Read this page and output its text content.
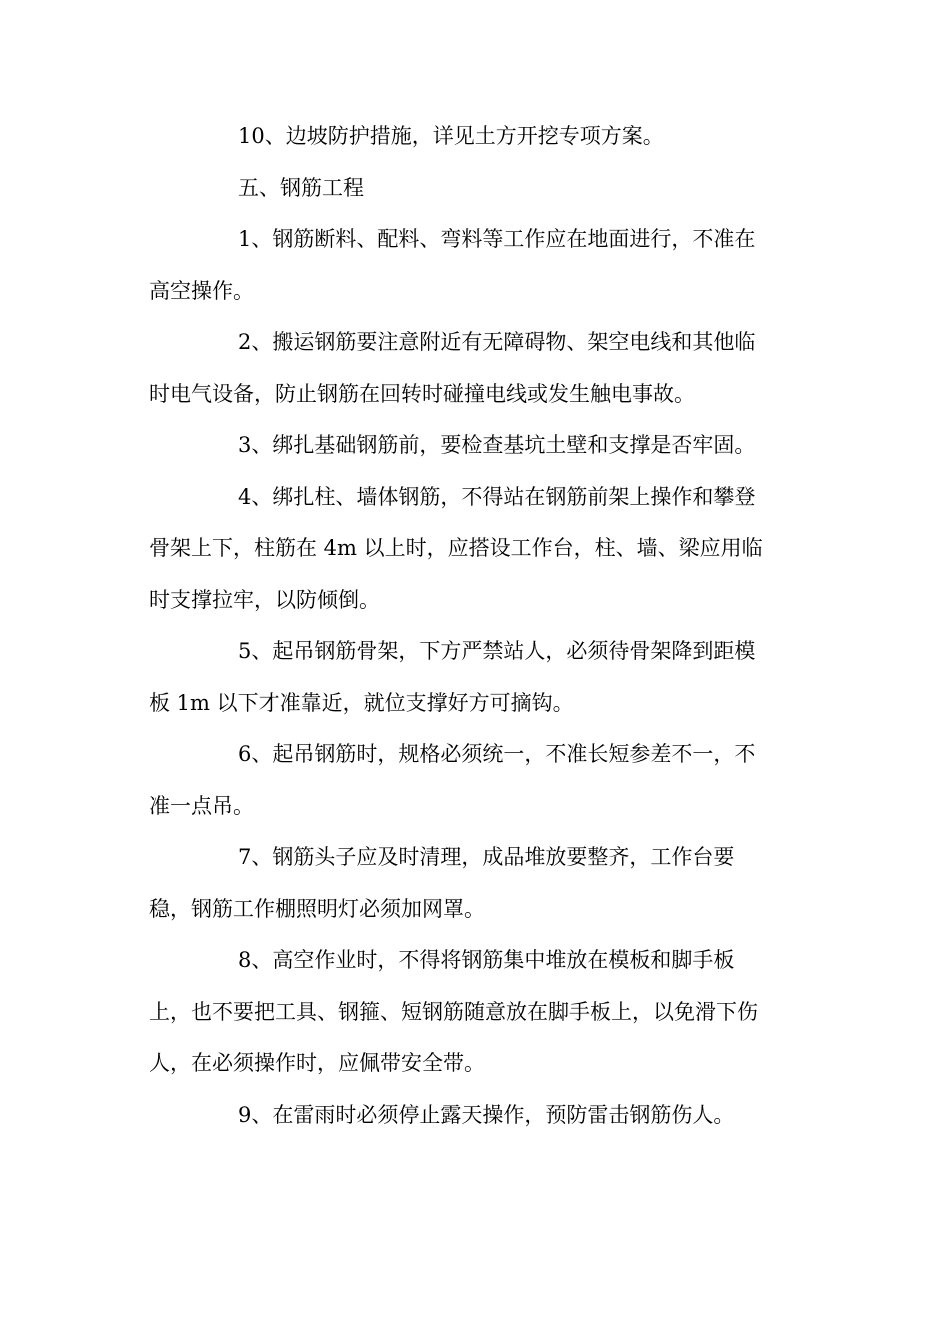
10、边坡防护措施，详见土方开挖专项方案。

五、钢筋工程

1、钢筋断料、配料、弯料等工作应在地面进行，不准在
高空操作。

2、搬运钢筋要注意附近有无障碍物、架空电线和其他临
时电气设备，防止钢筋在回转时碰撞电线或发生触电事故。

3、绑扎基础钢筋前，要检查基坑土壁和支撑是否牢固。

4、绑扎柱、墙体钢筋，不得站在钢筋前架上操作和攀登
骨架上下，柱筋在 4m 以上时，应搭设工作台，柱、墙、梁应用临
时支撑拉牢，以防倾倒。

5、起吊钢筋骨架，下方严禁站人，必须待骨架降到距模
板 1m 以下才准靠近，就位支撑好方可摘钩。

6、起吊钢筋时，规格必须统一，不准长短参差不一，不
准一点吊。

7、钢筋头子应及时清理，成品堆放要整齐，工作台要
稳，钢筋工作棚照明灯必须加网罩。

8、高空作业时，不得将钢筋集中堆放在模板和脚手板
上，也不要把工具、钢箍、短钢筋随意放在脚手板上，以免滑下伤
人，在必须操作时，应佩带安全带。

9、在雷雨时必须停止露天操作，预防雷击钢筋伤人。
